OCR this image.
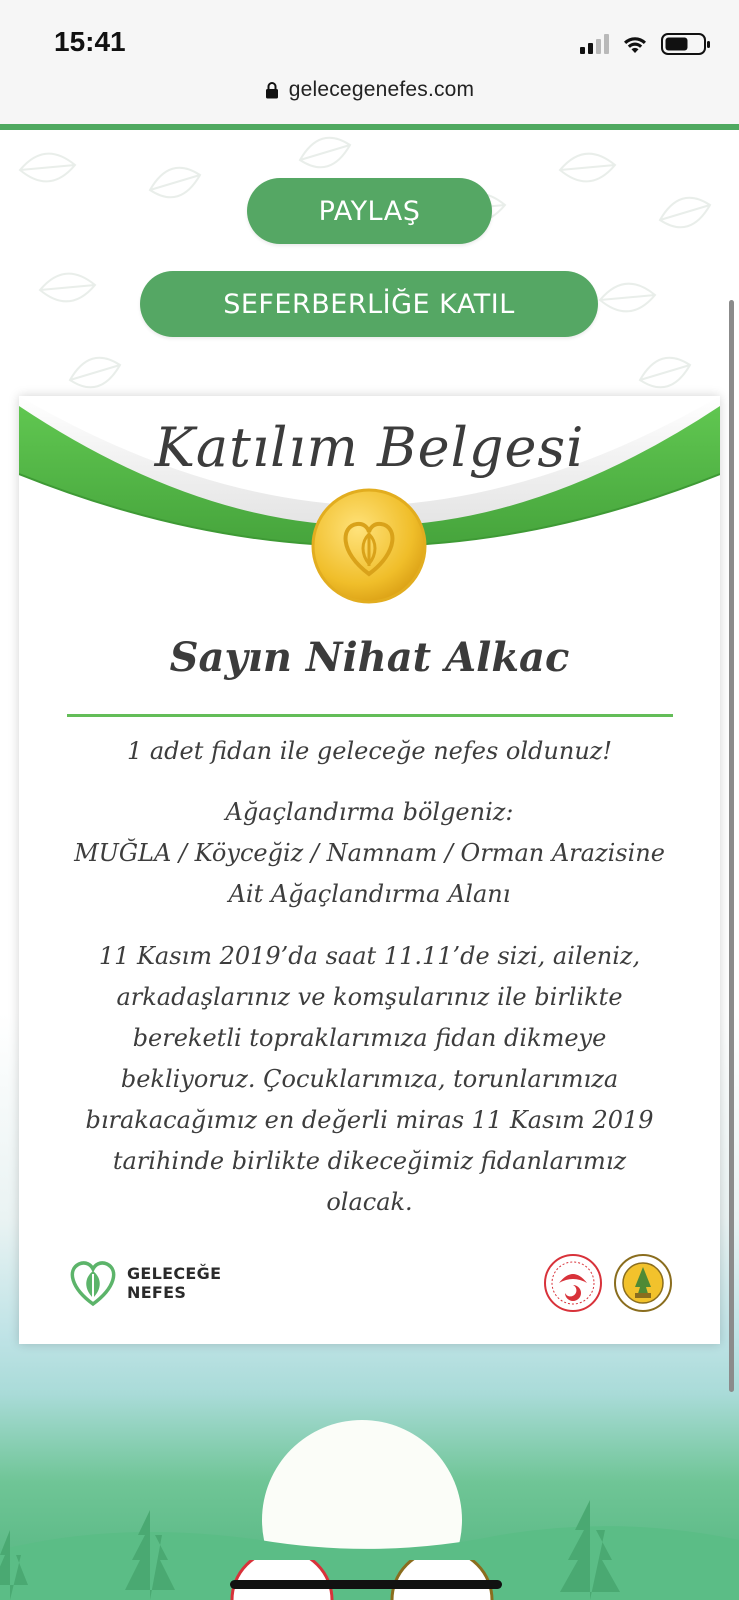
15:41
gelecegenefes.com
PAYLAŞ
SEFERBERLİĞE KATIL
Katılım Belgesi
Sayın Nihat Alkac
1 adet fidan ile geleceğe nefes oldunuz!
Ağaçlandırma bölgeniz:
MUĞLA / Köyceğiz / Namnam / Orman Arazisine
Ait Ağaçlandırma Alanı
11 Kasım 2019’da saat 11.11’de sizi, aileniz, arkadaşlarınız ve komşularınız ile birlikte bereketli topraklarımıza fidan dikmeye bekliyoruz. Çocuklarımıza, torunlarımıza bırakacağımız en değerli miras 11 Kasım 2019 tarihinde birlikte dikeceğimiz fidanlarımız olacak.
GELECEĞE
NEFES
